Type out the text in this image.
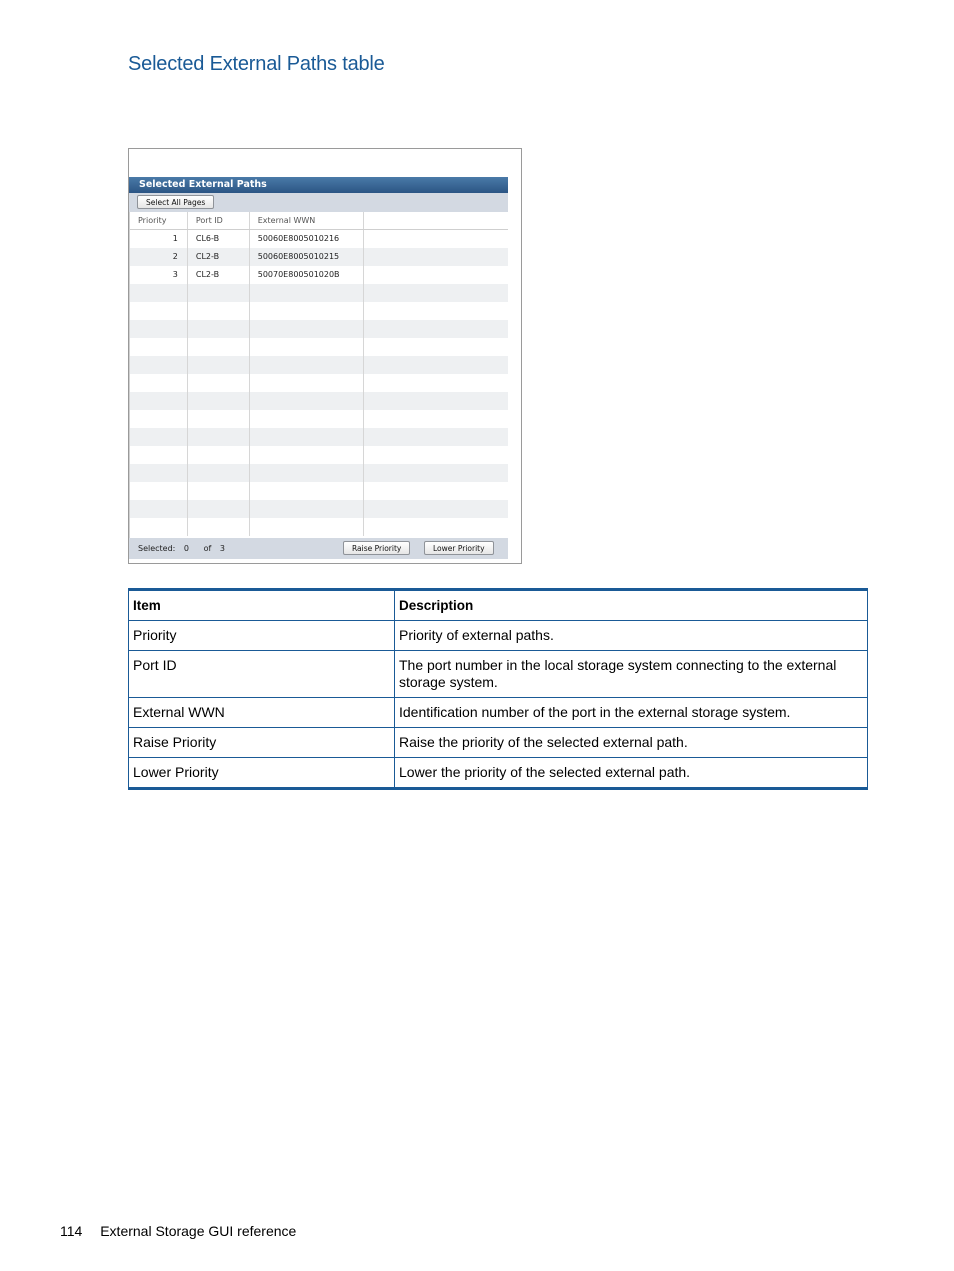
Selected External Paths table
Selected External Paths
Select All Pages
Priority	Port ID	External WWN
1	CL6-B	50060E8005010216
2	CL2-B	50060E8005010215
3	CL2-B	50070E800501020B
Selected: 0 of 3	Raise Priority	Lower Priority
Item	Description
Priority	Priority of external paths.
Port ID	The port number in the local storage system connecting to the external storage system.
External WWN	Identification number of the port in the external storage system.
Raise Priority	Raise the priority of the selected external path.
Lower Priority	Lower the priority of the selected external path.
114 External Storage GUI reference
